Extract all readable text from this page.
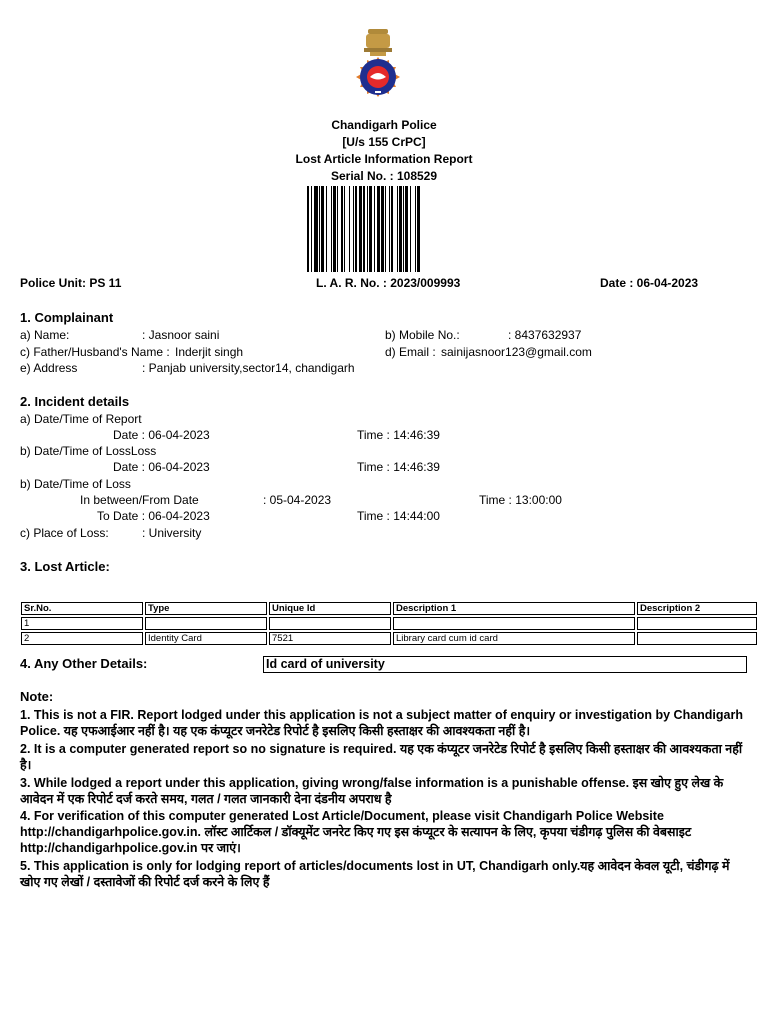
Chandigarh Police
[U/s 155 CrPC]
Lost Article Information Report
Serial No. : 108529
Police Unit: PS 11	L. A. R. No. : 2023/009993	Date : 06-04-2023
1. Complainant
a) Name:	: Jasnoor saini	b) Mobile No.:	: 8437632937
c) Father/Husband's Name : Inderjit singh	d) Email : sainijasnoor123@gmail.com
e) Address	: Panjab university,sector14, chandigarh
2. Incident details
a) Date/Time of Report
Date : 06-04-2023	Time : 14:46:39
b) Date/Time of LossLoss
Date : 06-04-2023	Time : 14:46:39
b) Date/Time of Loss
In between/From Date	: 05-04-2023	Time : 13:00:00
To Date : 06-04-2023	Time : 14:44:00
c) Place of Loss:	: University
3. Lost Article:
Sr.No.	Type	Unique Id	Description 1	Description 2
1				
2	Identity Card	7521	Library card cum id card	
4. Any Other Details:	Id card of university
Note:
1. This is not a FIR. Report lodged under this application is not a subject matter of enquiry or investigation by Chandigarh Police. यह एफआईआर नहीं है। यह एक कंप्यूटर जनरेटेड रिपोर्ट है इसलिए किसी हस्ताक्षर की आवश्यकता नहीं है।
2. It is a computer generated report so no signature is required. यह एक कंप्यूटर जनरेटेड रिपोर्ट है इसलिए किसी हस्ताक्षर की आवश्यकता नहीं है।
3. While lodged a report under this application, giving wrong/false information is a punishable offense. इस खोए हुए लेख के आवेदन में एक रिपोर्ट दर्ज करते समय, गलत / गलत जानकारी देना दंडनीय अपराध है
4. For verification of this computer generated Lost Article/Document, please visit Chandigarh Police Website http://chandigarhpolice.gov.in. लॉस्ट आर्टिकल / डॉक्यूमेंट जनरेट किए गए इस कंप्यूटर के सत्यापन के लिए, कृपया चंडीगढ़ पुलिस की वेबसाइट http://chandigarhpolice.gov.in पर जाएं।
5. This application is only for lodging report of articles/documents lost in UT, Chandigarh only.यह आवेदन केवल यूटी, चंडीगढ़ में खोए गए लेखों / दस्तावेजों की रिपोर्ट दर्ज करने के लिए हैं
